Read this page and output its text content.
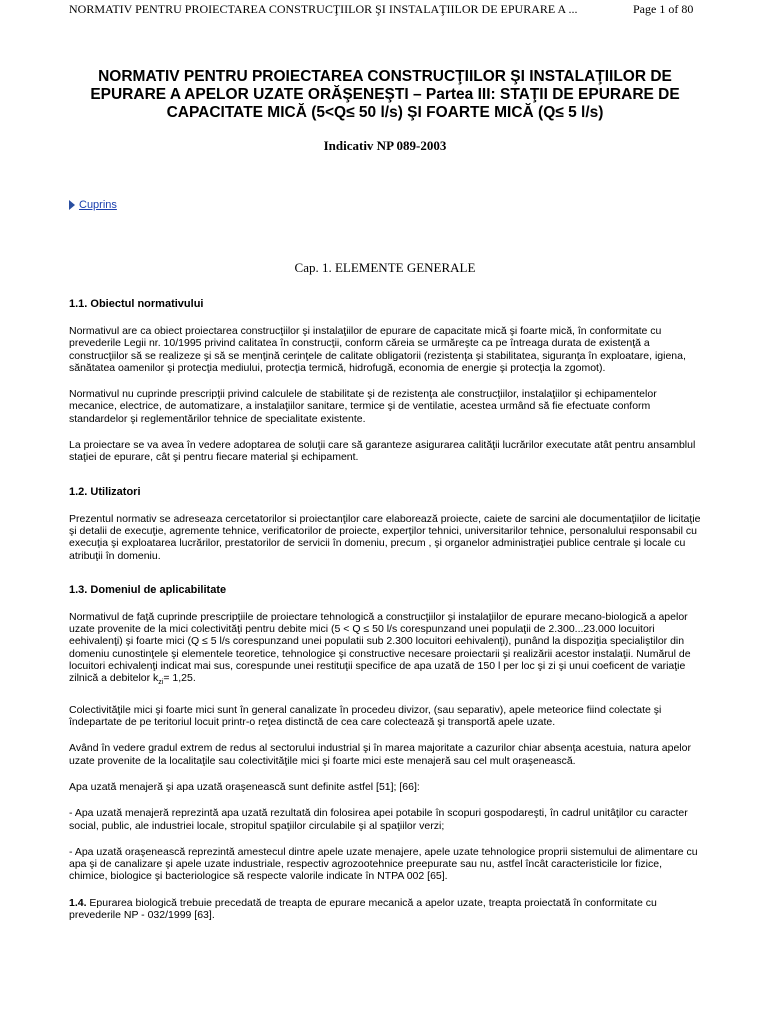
NORMATIV PENTRU PROIECTAREA CONSTRUCŢIILOR ŞI INSTALAŢIILOR DE EPURARE A ...	Page 1 of 80

NORMATIV PENTRU PROIECTAREA CONSTRUCŢIILOR ŞI INSTALAŢIILOR DE
EPURARE A APELOR UZATE ORĂŞENEŞTI – Partea III: STAŢII DE EPURARE DE
CAPACITATE MICĂ (5<Q≤ 50 l/s) ŞI FOARTE MICĂ (Q≤ 5 l/s)

Indicativ NP 089-2003

Cuprins
Cap. 1. ELEMENTE GENERALE
1.1. Obiectul normativului

Normativul are ca obiect proiectarea construcţiilor şi instalaţiilor de epurare de capacitate mică şi foarte mică, în conformitate cu prevederile Legii nr. 10/1995 privind calitatea în construcţii, conform căreia se urmăreşte ca pe întreaga durata de existenţă a construcţiilor să se realizeze şi să se menţină cerinţele de calitate obligatorii (rezistenţa şi stabilitatea, siguranţa în exploatare, igiena, sănătatea oamenilor şi protecţia mediului, protecţia termică, hidrofugă, economia de energie şi protecţia la zgomot).

Normativul nu cuprinde prescripţii privind calculele de stabilitate şi de rezistenţa ale construcţiilor, instalaţiilor şi echipamentelor mecanice, electrice, de automatizare, a instalaţiilor sanitare, termice şi de ventilatie, acestea urmând să fie efectuate conform standardelor şi reglementărilor tehnice de specialitate existente.

La proiectare se va avea în vedere adoptarea de soluţii care să garanteze asigurarea calităţii lucrărilor executate atât pentru ansamblul staţiei de epurare, cât şi pentru fiecare material şi echipament.

1.2. Utilizatori

Prezentul normativ se adreseaza cercetatorilor si proiectanţilor care elaborează proiecte, caiete de sarcini ale documentaţiilor de licitaţie şi detalii de execuţie, agremente tehnice, verificatorilor de proiecte, experţilor tehnici, universitarilor tehnice, personalului responsabil cu execuţia şi exploatarea lucrărilor, prestatorilor de servicii în domeniu, precum , şi organelor administraţiei publice centrale şi locale cu atribuţii în domeniu.

1.3. Domeniul de aplicabilitate

Normativul de faţă cuprinde prescripţiile de proiectare tehnologică a construcţiilor şi instalaţiilor de epurare mecano-biologică a apelor uzate provenite de la mici colectivităţi pentru debite mici (5 < Q ≤ 50 l/s corespunzand unei populaţii de 2.300...23.000 locuitori eehivalenţi) şi foarte mici (Q ≤ 5 l/s corespunzand unei populatii sub 2.300 locuitori eehivalenţi), punând la dispoziţia specialiştilor din domeniu cunostinţele şi elementele teoretice, tehnologice şi constructive necesare proiectarii şi realizării acestor instalaţii. Numărul de locuitori echivalenţi indicat mai sus, corespunde unei restituţii specifice de apa uzată de 150 l per loc şi zi şi unui coeficent de variaţie zilnică a debitelor $k_{zi}= 1,25$.

Colectivităţile mici şi foarte mici sunt în general canalizate în procedeu divizor, (sau separativ), apele meteorice fiind colectate şi îndepartate de pe teritoriul locuit printr-o reţea distinctă de cea care colectează şi transportă apele uzate.

Având în vedere gradul extrem de redus al sectorului industrial şi în marea majoritate a cazurilor chiar absenţa acestuia, natura apelor uzate provenite de la localitaţile sau colectivităţile mici şi foarte mici este menajeră sau cel mult oraşenească.

Apa uzată menajeră şi apa uzată oraşenească sunt definite astfel [51]; [66]:

- Apa uzată menajeră reprezintă apa uzată rezultată din folosirea apei potabile în scopuri gospodareşti, în cadrul unitâţilor cu caracter social, public, ale industriei locale, stropitul spaţiilor circulabile şi al spaţiilor verzi;

- Apa uzată oraşenească reprezintă amestecul dintre apele uzate menajere, apele uzate tehnologice proprii sistemului de alimentare cu apa şi de canalizare şi apele uzate industriale, respectiv agrozootehnice preepurate sau nu, astfel încât caracteristicile lor fizice, chimice, biologice şi bacteriologice să respecte valorile indicate în NTPA 002 [65].

1.4. Epurarea biologică trebuie precedată de treapta de epurare mecanică a apelor uzate, treapta proiectată în conformitate cu prevederile NP - 032/1999 [63].
